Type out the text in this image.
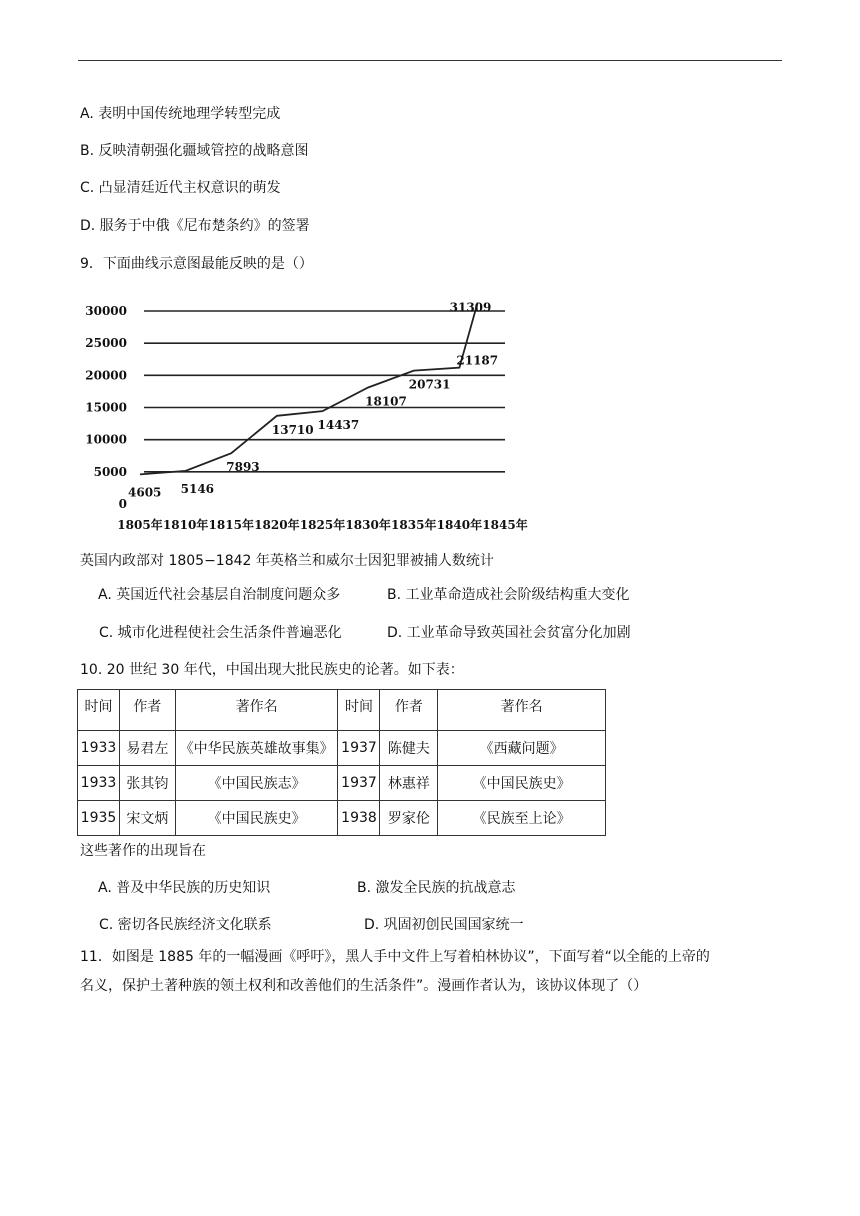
A. 表明中国传统地理学转型完成
B. 反映清朝强化疆域管控的战略意图
C. 凸显清廷近代主权意识的萌发
D. 服务于中俄《尼布楚条约》的签署
9．下面曲线示意图最能反映的是（）
0
5000
10000
15000
20000
25000
30000
1805年 1810年 1815年 1820年 1825年 1830年 1835年 1840年 1845年
4605 5146
7893
13710 14437
18107
20731
21187
31309
英国内政部对 1805−1842 年英格兰和威尔士因犯罪被捕人数统计
A. 英国近代社会基层自治制度问题众多	B. 工业革命造成社会阶级结构重大变化
C. 城市化进程使社会生活条件普遍恶化	D. 工业革命导致英国社会贫富分化加剧
10. 20 世纪 30 年代，中国出现大批民族史的论著。如下表：
时间	作者	著作名	时间	作者	著作名
1933	易君左	《中华民族英雄故事集》	1937	陈健夫	《西藏问题》
1933	张其钧	《中国民族志》	1937	林惠祥	《中国民族史》
1935	宋文炳	《中国民族史》	1938	罗家伦	《民族至上论》
这些著作的出现旨在
A. 普及中华民族的历史知识	B. 激发全民族的抗战意志
C. 密切各民族经济文化联系	D. 巩固初创民国国家统一
11．如图是 1885 年的一幅漫画《呼吁》，黑人手中文件上写着柏林协议”，下面写着“以全能的上帝的
名义，保护土著种族的领土权利和改善他们的生活条件”。漫画作者认为，该协议体现了（）
